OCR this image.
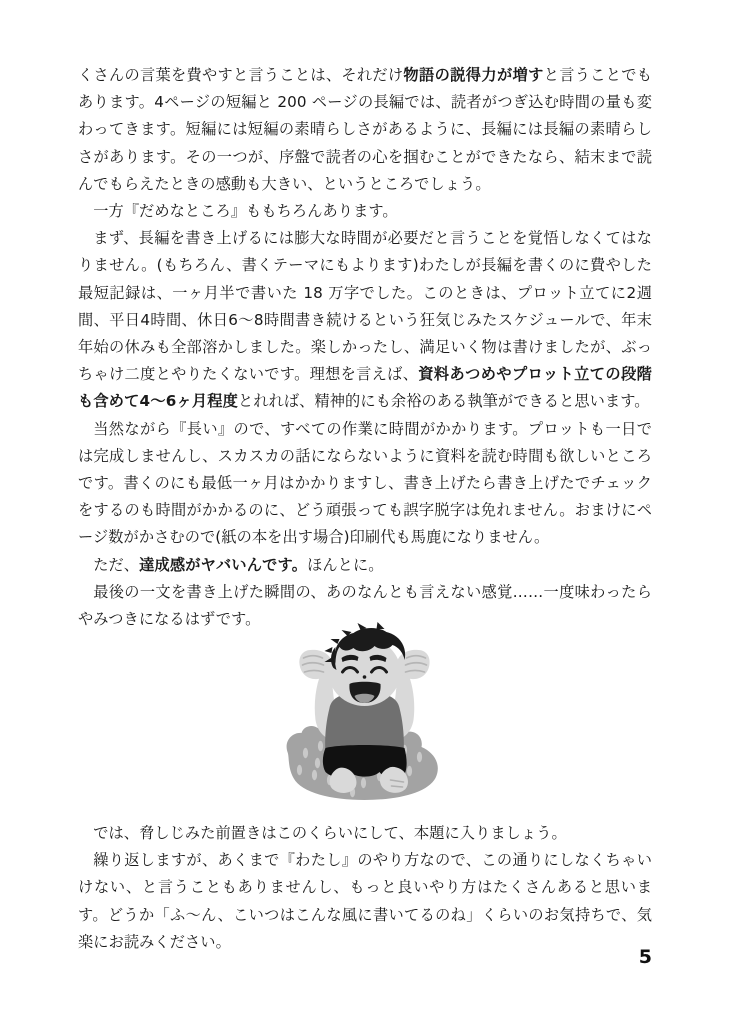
くさんの言葉を費やすと言うことは、それだけ物語の説得力が増すと言うことでもあります。4ページの短編と 200 ページの長編では、読者がつぎ込む時間の量も変わってきます。短編には短編の素晴らしさがあるように、長編には長編の素晴らしさがあります。その一つが、序盤で読者の心を掴むことができたなら、結末まで読んでもらえたときの感動も大きい、というところでしょう。

一方『だめなところ』ももちろんあります。

まず、長編を書き上げるには膨大な時間が必要だと言うことを覚悟しなくてはなりません。(もちろん、書くテーマにもよります)わたしが長編を書くのに費やした最短記録は、一ヶ月半で書いた 18 万字でした。このときは、プロット立てに2週間、平日4時間、休日6〜8時間書き続けるという狂気じみたスケジュールで、年末年始の休みも全部溶かしました。楽しかったし、満足いく物は書けましたが、ぶっちゃけ二度とやりたくないです。理想を言えば、資料あつめやプロット立ての段階も含めて4〜6ヶ月程度とれれば、精神的にも余裕のある執筆ができると思います。

当然ながら『長い』ので、すべての作業に時間がかかります。プロットも一日では完成しませんし、スカスカの話にならないように資料を読む時間も欲しいところです。書くのにも最低一ヶ月はかかりますし、書き上げたら書き上げたでチェックをするのも時間がかかるのに、どう頑張っても誤字脱字は免れません。おまけにページ数がかさむので(紙の本を出す場合)印刷代も馬鹿になりません。

ただ、達成感がヤバいんです。ほんとに。

最後の一文を書き上げた瞬間の、あのなんとも言えない感覚……一度味わったらやみつきになるはずです。

では、脅しじみた前置きはこのくらいにして、本題に入りましょう。

繰り返しますが、あくまで『わたし』のやり方なので、この通りにしなくちゃいけない、と言うこともありませんし、もっと良いやり方はたくさんあると思います。どうか「ふ〜ん、こいつはこんな風に書いてるのね」くらいのお気持ちで、気楽にお読みください。

5
